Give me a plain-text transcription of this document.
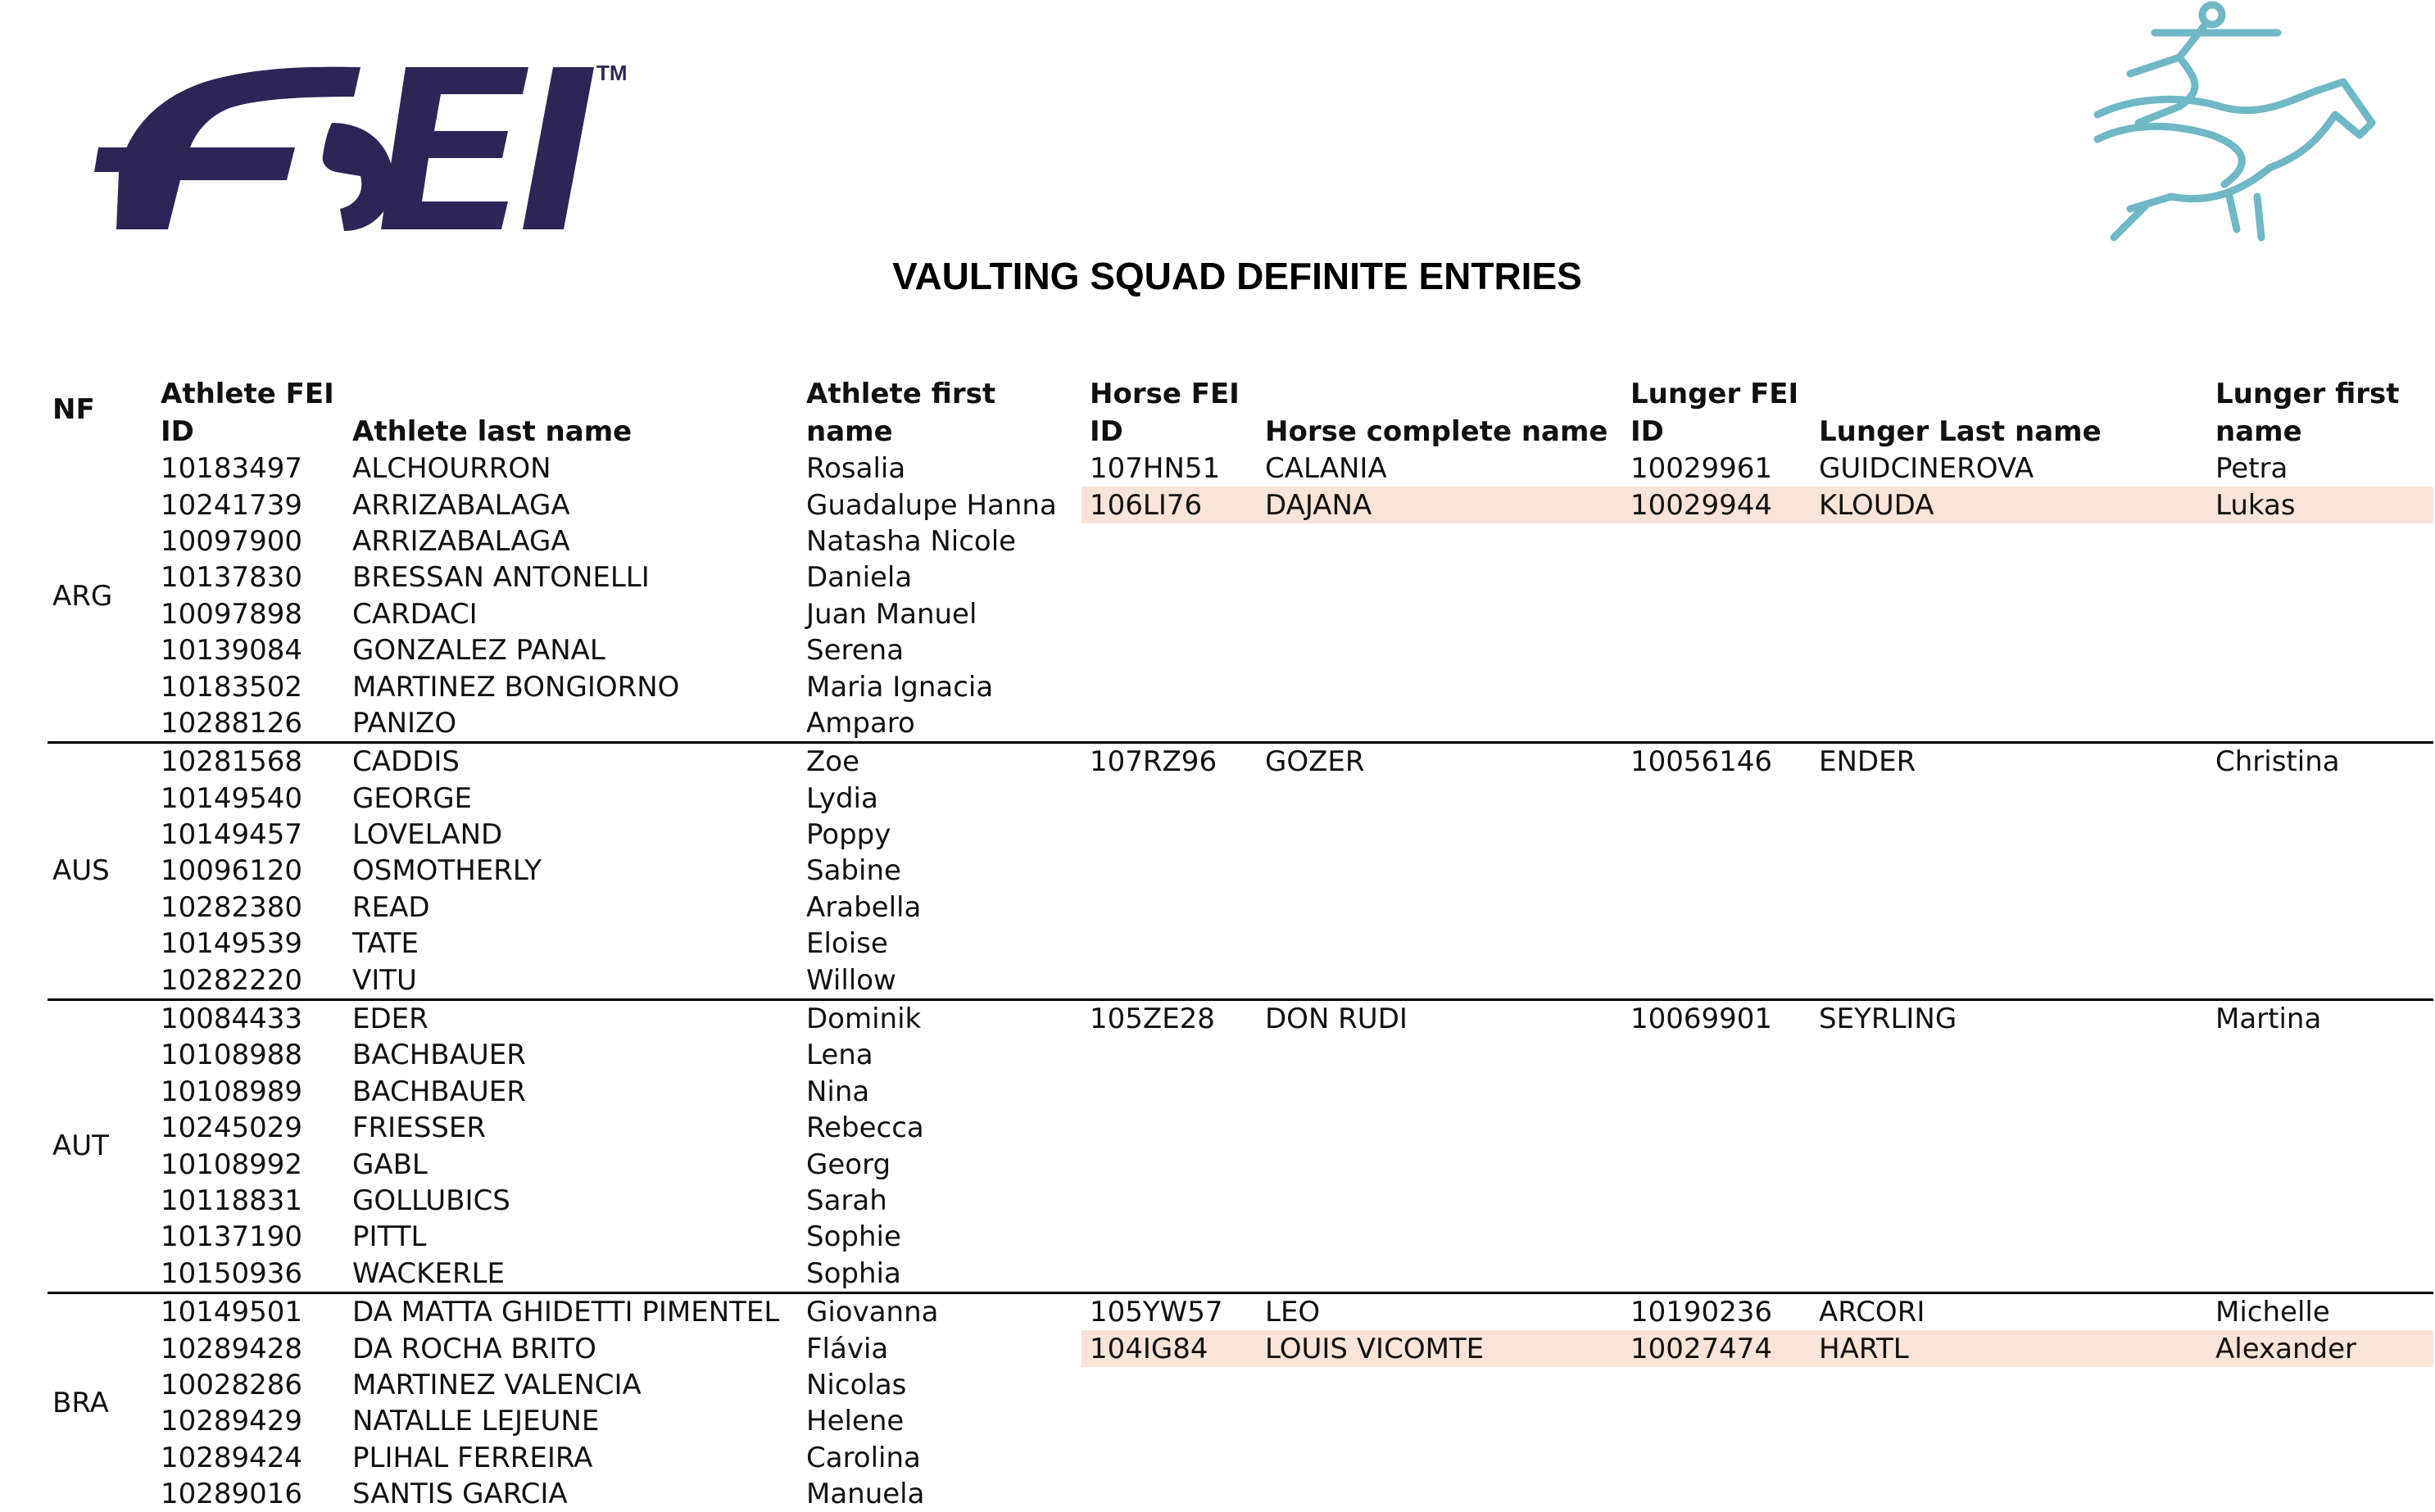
TM
VAULTING SQUAD DEFINITE ENTRIES
NF	Athlete FEI ID	Athlete last name	Athlete first name	Horse FEI ID	Horse complete name	Lunger FEI ID	Lunger Last name	Lunger first name
ARG	10183497	ALCHOURRON	Rosalia	107HN51	CALANIA	10029961	GUIDCINEROVA	Petra
	10241739	ARRIZABALAGA	Guadalupe Hanna	106LI76	DAJANA	10029944	KLOUDA	Lukas
	10097900	ARRIZABALAGA	Natasha Nicole					
	10137830	BRESSAN ANTONELLI	Daniela					
	10097898	CARDACI	Juan Manuel					
	10139084	GONZALEZ PANAL	Serena					
	10183502	MARTINEZ BONGIORNO	Maria Ignacia					
	10288126	PANIZO	Amparo					
AUS	10281568	CADDIS	Zoe	107RZ96	GOZER	10056146	ENDER	Christina
	10149540	GEORGE	Lydia					
	10149457	LOVELAND	Poppy					
	10096120	OSMOTHERLY	Sabine					
	10282380	READ	Arabella					
	10149539	TATE	Eloise					
	10282220	VITU	Willow					
AUT	10084433	EDER	Dominik	105ZE28	DON RUDI	10069901	SEYRLING	Martina
	10108988	BACHBAUER	Lena					
	10108989	BACHBAUER	Nina					
	10245029	FRIESSER	Rebecca					
	10108992	GABL	Georg					
	10118831	GOLLUBICS	Sarah					
	10137190	PITTL	Sophie					
	10150936	WACKERLE	Sophia					
BRA	10149501	DA MATTA GHIDETTI PIMENTEL	Giovanna	105YW57	LEO	10190236	ARCORI	Michelle
	10289428	DA ROCHA BRITO	Flávia	104IG84	LOUIS VICOMTE	10027474	HARTL	Alexander
	10028286	MARTINEZ VALENCIA	Nicolas					
	10289429	NATALLE LEJEUNE	Helene					
	10289424	PLIHAL FERREIRA	Carolina					
	10289016	SANTIS GARCIA	Manuela					
